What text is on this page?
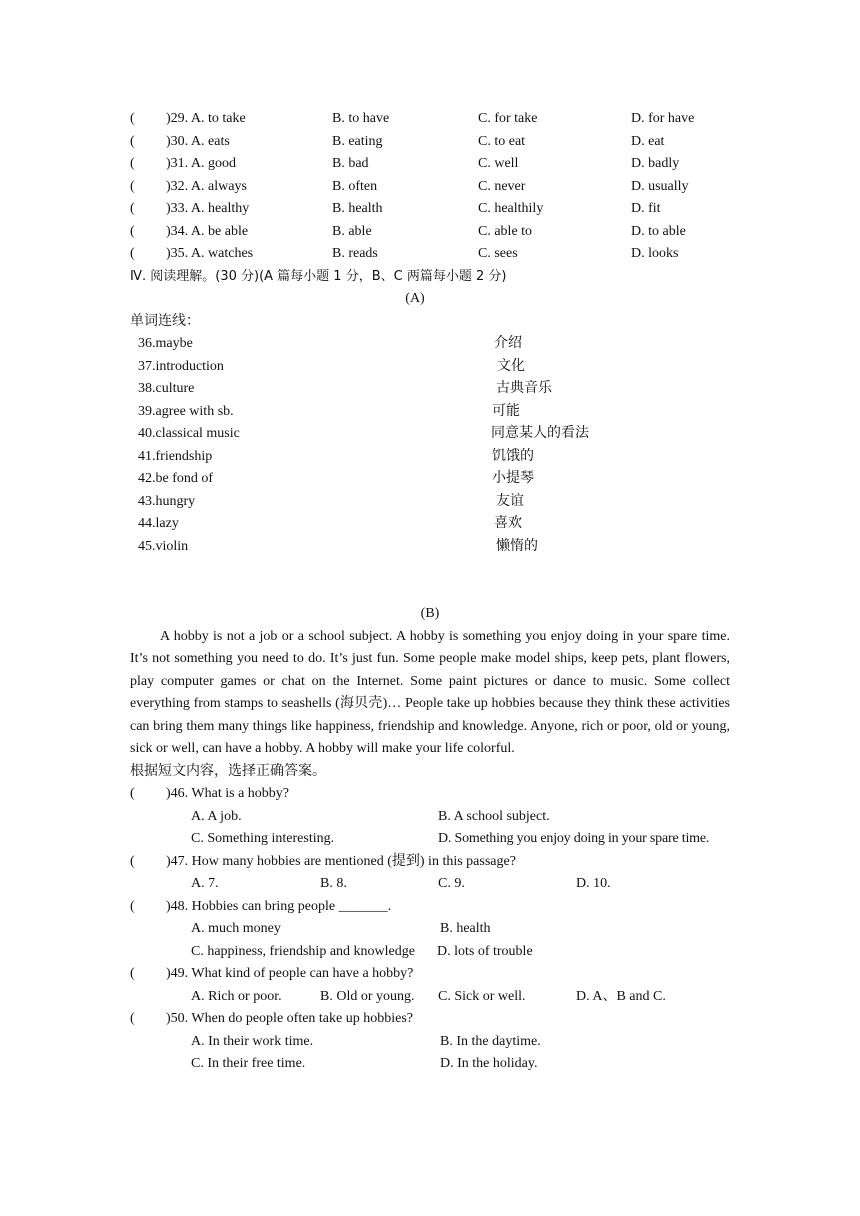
( )29. A. to take	B. to have	C. for take	D. for have
( )30. A. eats	B. eating	C. to eat	D. eat
( )31. A. good	B. bad	C. well	D. badly
( )32. A. always	B. often	C. never	D. usually
( )33. A. healthy	B. health	C. healthily	D. fit
( )34. A. be able	B. able	C. able to	D. to able
( )35. A. watches	B. reads	C. sees	D. looks
Ⅳ. 阅读理解。(30 分)(A 篇每小题 1 分，B、C 两篇每小题 2 分)
(A)
单词连线：
36.maybe	介绍
37.introduction	文化
38.culture	古典音乐
39.agree with sb.	可能
40.classical music	同意某人的看法
41.friendship	饥饿的
42.be fond of	小提琴
43.hungry	友谊
44.lazy	喜欢
45.violin	懒惰的
(B)

A hobby is not a job or a school subject. A hobby is something you enjoy doing in your spare time. It’s not something you need to do. It’s just fun. Some people make model ships, keep pets, plant flowers, play computer games or chat on the Internet. Some paint pictures or dance to music. Some collect everything from stamps to seashells (海贝壳)… People take up hobbies because they think these activities can bring them many things like happiness, friendship and knowledge. Anyone, rich or poor, old or young, sick or well, can have a hobby. A hobby will make your life colorful.

根据短文内容，选择正确答案。
( )46. What is a hobby?
A. A job.	B. A school subject.
C. Something interesting.	D. Something you enjoy doing in your spare time.
( )47. How many hobbies are mentioned (提到) in this passage?
A. 7.	B. 8.	C. 9.	D. 10.
( )48. Hobbies can bring people _______.
A. much money	B. health
C. happiness, friendship and knowledge D. lots of trouble
( )49. What kind of people can have a hobby?
A. Rich or poor.	B. Old or young. C. Sick or well.	D. A、B and C.
( )50. When do people often take up hobbies?
A. In their work time.	B. In the daytime.
C. In their free time.	D. In the holiday.
